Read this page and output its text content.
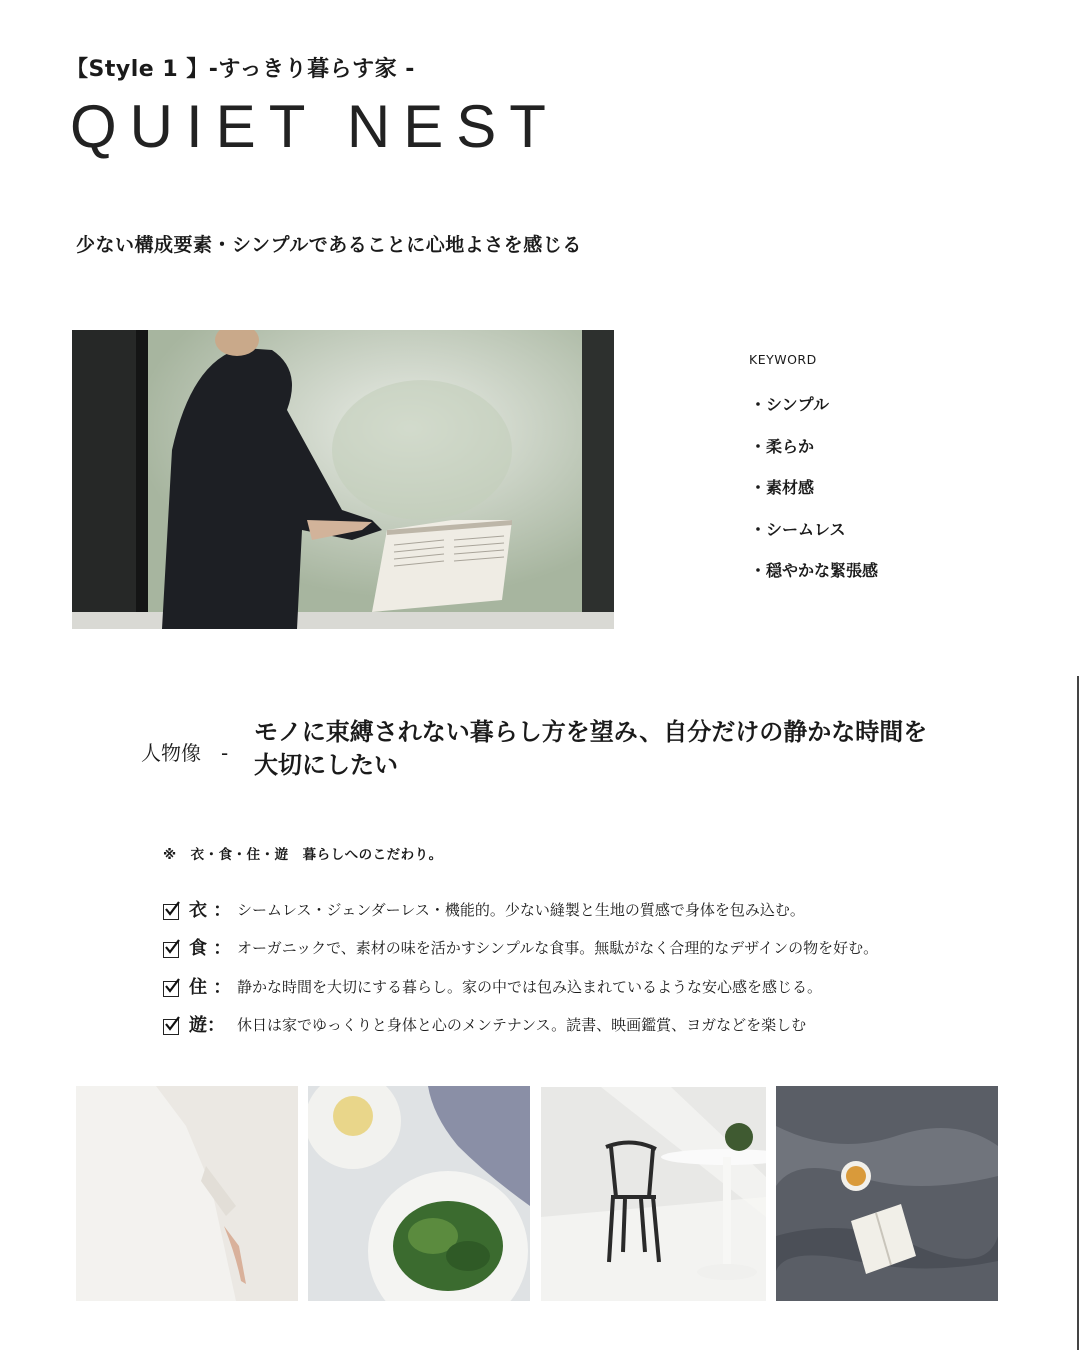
【Style 1 】-すっきり暮らす家 -
QUIET NEST
少ない構成要素・シンプルであることに心地よさを感じる
KEYWORD
・シンプル
・柔らか
・素材感
・シームレス
・穏やかな緊張感
人物像　-
モノに束縛されない暮らし方を望み、自分だけの静かな時間を
大切にしたい
※　衣・食・住・遊　暮らしへのこだわり。
衣 ： シームレス・ジェンダーレス・機能的。少ない縫製と生地の質感で身体を包み込む。
食 ： オーガニックで、素材の味を活かすシンプルな食事。無駄がなく合理的なデザインの物を好む。
住 ： 静かな時間を大切にする暮らし。家の中では包み込まれているような安心感を感じる。
遊： 休日は家でゆっくりと身体と心のメンテナンス。読書、映画鑑賞、ヨガなどを楽しむ
